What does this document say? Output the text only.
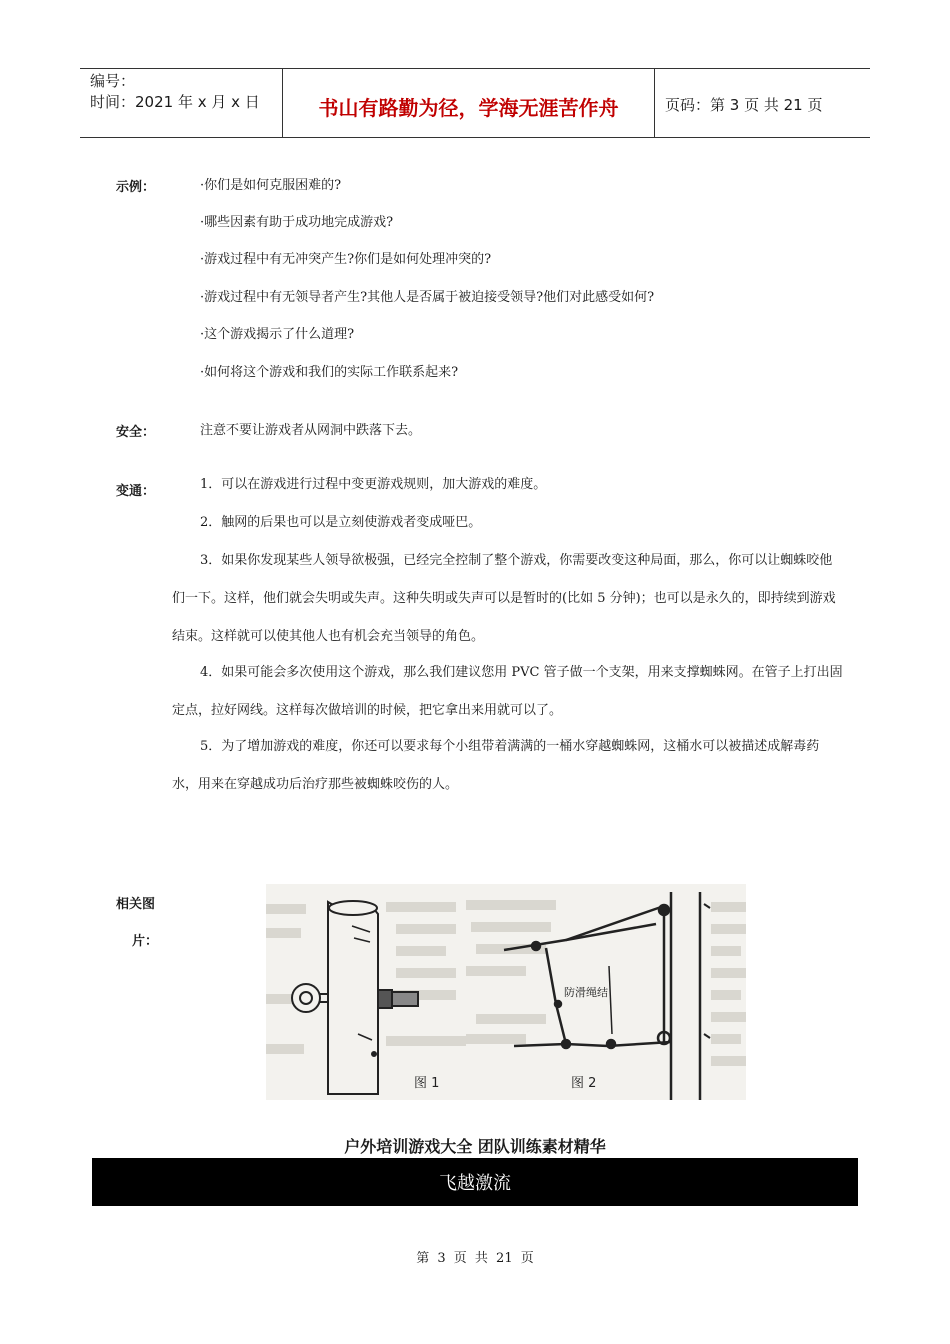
编号：
时间：2021 年 x 月 x 日	书山有路勤为径，学海无涯苦作舟	页码：第 3 页 共 21 页
示例：	·你们是如何克服困难的?
·哪些因素有助于成功地完成游戏?
·游戏过程中有无冲突产生?你们是如何处理冲突的?
·游戏过程中有无领导者产生?其他人是否属于被迫接受领导?他们对此感受如何?
·这个游戏揭示了什么道理?
·如何将这个游戏和我们的实际工作联系起来?
安全：	注意不要让游戏者从网洞中跌落下去。
变通：	1．可以在游戏进行过程中变更游戏规则，加大游戏的难度。

2．触网的后果也可以是立刻使游戏者变成哑巴。

3．如果你发现某些人领导欲极强，已经完全控制了整个游戏，你需要改变这种局面，那么，你可以让蜘蛛咬他们一下。这样，他们就会失明或失声。这种失明或失声可以是暂时的(比如 5 分钟)；也可以是永久的，即持续到游戏结束。这样就可以使其他人也有机会充当领导的角色。

4．如果可能会多次使用这个游戏，那么我们建议您用 PVC 管子做一个支架，用来支撑蜘蛛网。在管子上打出固定点，拉好网线。这样每次做培训的时候，把它拿出来用就可以了。

5．为了增加游戏的难度，你还可以要求每个小组带着满满的一桶水穿越蜘蛛网，这桶水可以被描述成解毒药水，用来在穿越成功后治疗那些被蜘蛛咬伤的人。

相关图
片：
图 1
防滑绳结
图 2
户外培训游戏大全 团队训练素材精华
飞越激流
第 3 页 共 21 页
